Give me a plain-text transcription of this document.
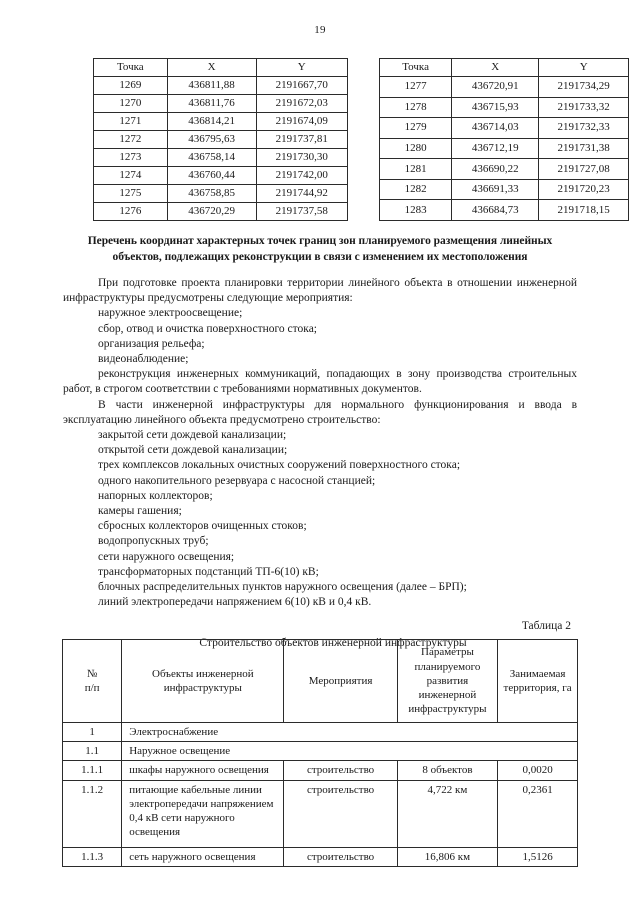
19
Точка	X	Y
1269	436811,88	2191667,70
1270	436811,76	2191672,03
1271	436814,21	2191674,09
1272	436795,63	2191737,81
1273	436758,14	2191730,30
1274	436760,44	2191742,00
1275	436758,85	2191744,92
1276	436720,29	2191737,58
Точка	X	Y
1277	436720,91	2191734,29
1278	436715,93	2191733,32
1279	436714,03	2191732,33
1280	436712,19	2191731,38
1281	436690,22	2191727,08
1282	436691,33	2191720,23
1283	436684,73	2191718,15
Перечень координат характерных точек границ зон планируемого размещения линейных объектов, подлежащих реконструкции в связи с изменением их местоположения

При подготовке проекта планировки территории линейного объекта в отношении инженерной инфраструктуры предусмотрены следующие мероприятия:

наружное электроосвещение;
сбор, отвод и очистка поверхностного стока;
организация рельефа;
видеонаблюдение;

реконструкция инженерных коммуникаций, попадающих в зону производства строительных работ, в строгом соответствии с требованиями нормативных документов.

В части инженерной инфраструктуры для нормального функционирования и ввода в эксплуатацию линейного объекта предусмотрено строительство:

закрытой сети дождевой канализации;
открытой сети дождевой канализации;
трех комплексов локальных очистных сооружений поверхностного стока;
одного накопительного резервуара с насосной станцией;
напорных коллекторов;
камеры гашения;
сбросных коллекторов очищенных стоков;
водопропускных труб;
сети наружного освещения;
трансформаторных подстанций ТП-6(10) кВ;
блочных распределительных пунктов наружного освещения (далее – БРП);
линий электропередачи напряжением 6(10) кВ и 0,4 кВ.
Таблица 2
Строительство объектов инженерной инфраструктуры
№
п/п	Объекты инженерной инфраструктуры	Мероприятия	Параметры планируемого развития инженерной инфраструктуры	Занимаемая территория, га
1	Электроснабжение			
1.1	Наружное освещение			
1.1.1	шкафы наружного освещения	строительство	8 объектов	0,0020
1.1.2	питающие кабельные линии электропередачи напряжением 0,4 кВ сети наружного освещения	строительство	4,722 км	0,2361
1.1.3	сеть наружного освещения	строительство	16,806 км	1,5126
